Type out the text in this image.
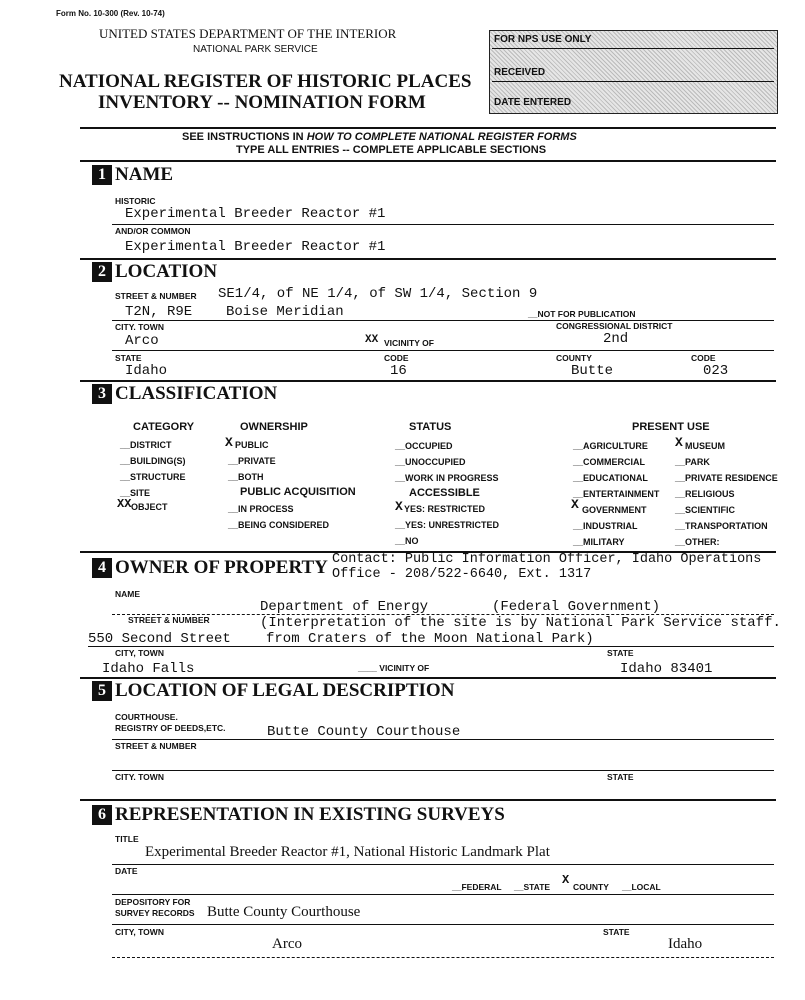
Form No. 10-300 (Rev. 10-74)
UNITED STATES DEPARTMENT OF THE INTERIOR
NATIONAL PARK SERVICE
NATIONAL REGISTER OF HISTORIC PLACES
INVENTORY -- NOMINATION FORM
FOR NPS USE ONLY
RECEIVED
DATE ENTERED
SEE INSTRUCTIONS IN HOW TO COMPLETE NATIONAL REGISTER FORMS
TYPE ALL ENTRIES -- COMPLETE APPLICABLE SECTIONS
1 NAME
HISTORIC
Experimental Breeder Reactor #1
AND/OR COMMON
Experimental Breeder Reactor #1
2 LOCATION
STREET & NUMBER SE1/4, of NE 1/4, of SW 1/4, Section 9
T2N, R9E Boise Meridian	__NOT FOR PUBLICATION
CITY. TOWN
Arco	XX VICINITY OF
CONGRESSIONAL DISTRICT
2nd
STATE
Idaho
CODE
16
COUNTY
Butte
CODE
023
3 CLASSIFICATION
CATEGORY
__DISTRICT
__BUILDING(S)
__STRUCTURE
__SITE
XX OBJECT
OWNERSHIP
X PUBLIC
__PRIVATE
__BOTH
PUBLIC ACQUISITION
__IN PROCESS
__BEING CONSIDERED
STATUS
__OCCUPIED
__UNOCCUPIED
__WORK IN PROGRESS
ACCESSIBLE
X YES: RESTRICTED
__YES: UNRESTRICTED
__NO
PRESENT USE
__AGRICULTURE
__COMMERCIAL
__EDUCATIONAL
__ENTERTAINMENT
X GOVERNMENT
__INDUSTRIAL
__MILITARY
X MUSEUM
__PARK
__PRIVATE RESIDENCE
__RELIGIOUS
__SCIENTIFIC
__TRANSPORTATION
__OTHER:
4 OWNER OF PROPERTY Contact: Public Information Officer, Idaho Operations
Office - 208/522-6640, Ext. 1317
NAME
Department of Energy	(Federal Government)
STREET & NUMBER	(Interpretation of the site is by National Park Service staff.
550 Second Street	from Craters of the Moon National Park)
CITY, TOWN
Idaho Falls	____ VICINITY OF
STATE
Idaho 83401
5 LOCATION OF LEGAL DESCRIPTION
COURTHOUSE.
REGISTRY OF DEEDS,ETC.	Butte County Courthouse
STREET & NUMBER
CITY. TOWN	STATE
6 REPRESENTATION IN EXISTING SURVEYS
TITLE
Experimental Breeder Reactor #1, National Historic Landmark Plat
DATE
__FEDERAL __STATE X COUNTY __LOCAL
DEPOSITORY FOR
SURVEY RECORDS Butte County Courthouse
CITY, TOWN
Arco
STATE
Idaho
